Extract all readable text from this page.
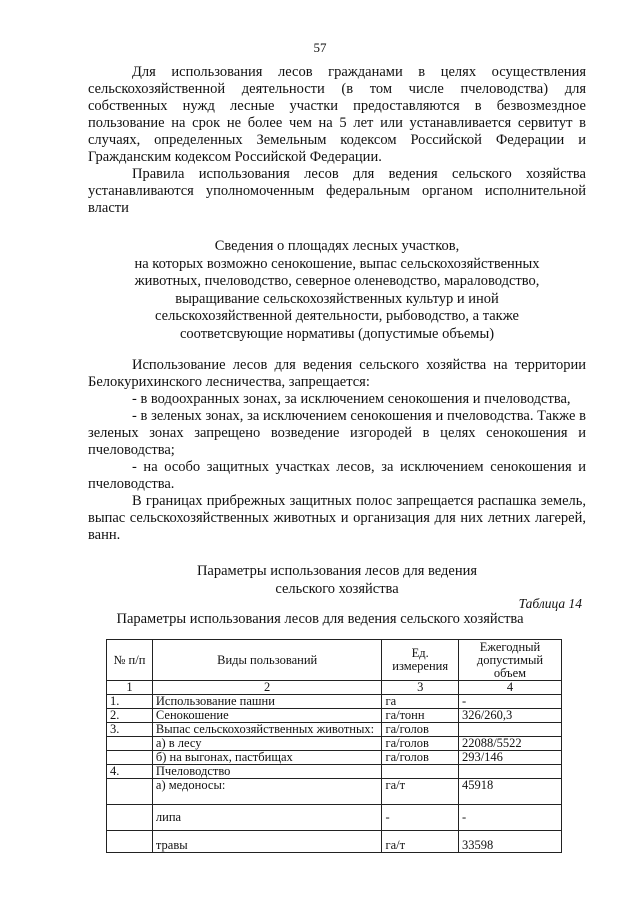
57

Для использования лесов гражданами в целях осуществления сельскохозяйственной деятельности (в том числе пчеловодства) для собственных нужд лесные участки предоставляются в безвозмездное пользование на срок не более чем на 5 лет или устанавливается сервитут в случаях, определенных Земельным кодексом Российской Федерации и Гражданским кодексом Российской Федерации.

Правила использования лесов для ведения сельского хозяйства устанавливаются уполномоченным федеральным органом исполнительной власти

Сведения о площадях лесных участков,

на которых возможно сенокошение, выпас сельскохозяйственных

животных, пчеловодство, северное оленеводство, мараловодство,

выращивание сельскохозяйственных культур и иной

сельскохозяйственной деятельности, рыбоводство, а также

соответсвующие нормативы (допустимые объемы)

Использование лесов для ведения сельского хозяйства на территории Белокурихинского лесничества, запрещается:

- в водоохранных зонах, за исключением сенокошения и пчеловодства,
- в зеленых зонах, за исключением сенокошения и пчеловодства. Также в зеленых зонах запрещено возведение изгородей в целях сенокошения и пчеловодства;
- на особо защитных участках лесов, за исключением сенокошения и пчеловодства.

В границах прибрежных защитных полос запрещается распашка земель, выпас сельскохозяйственных животных и организация для них летних лагерей, ванн.

Параметры использования лесов для ведения

сельского хозяйства

Таблица 14
Параметры использования лесов для ведения сельского хозяйства
№ п/п	Виды пользований	Ед. измерения	Ежегодный допустимый объем
1	2	3	4
1.	Использование пашни	га	-
2.	Сенокошение	га/тонн	326/260,3
3.	Выпас сельскохозяйственных животных:	га/голов	
	а) в лесу	га/голов	22088/5522
	б) на выгонах, пастбищах	га/голов	293/146
4.	Пчеловодство		
	а) медоносы:	га/т	45918
	липа	-	-
	травы	га/т	33598
